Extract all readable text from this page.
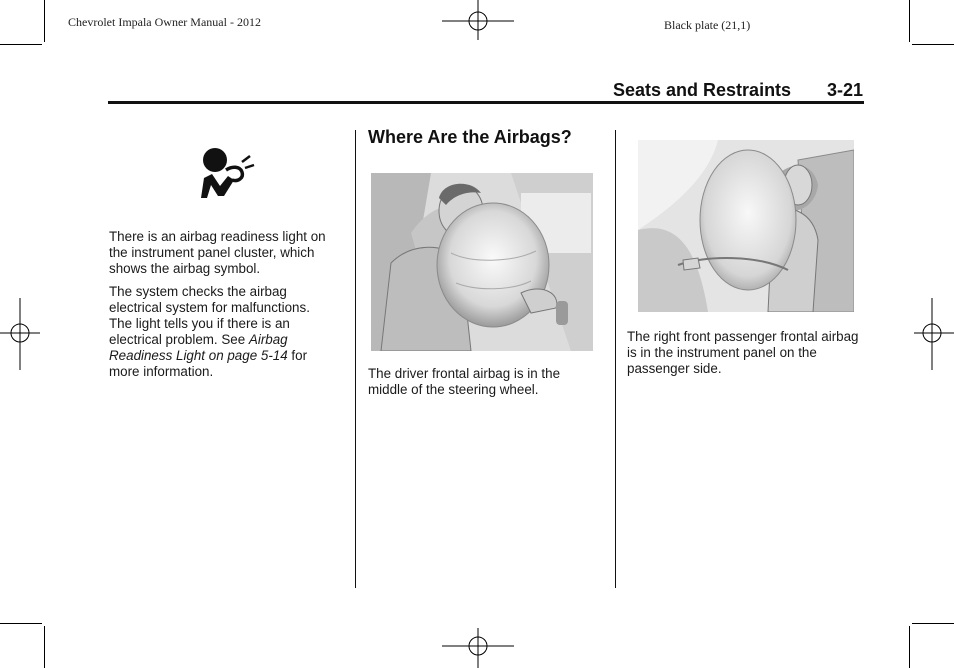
Chevrolet Impala Owner Manual - 2012	Black plate (21,1)
Seats and Restraints 3-21
There is an airbag readiness light on the instrument panel cluster, which shows the airbag symbol.
The system checks the airbag electrical system for malfunctions. The light tells you if there is an electrical problem. See Airbag Readiness Light on page 5-14 for more information.
Where Are the Airbags?
The driver frontal airbag is in the middle of the steering wheel.
The right front passenger frontal airbag is in the instrument panel on the passenger side.
